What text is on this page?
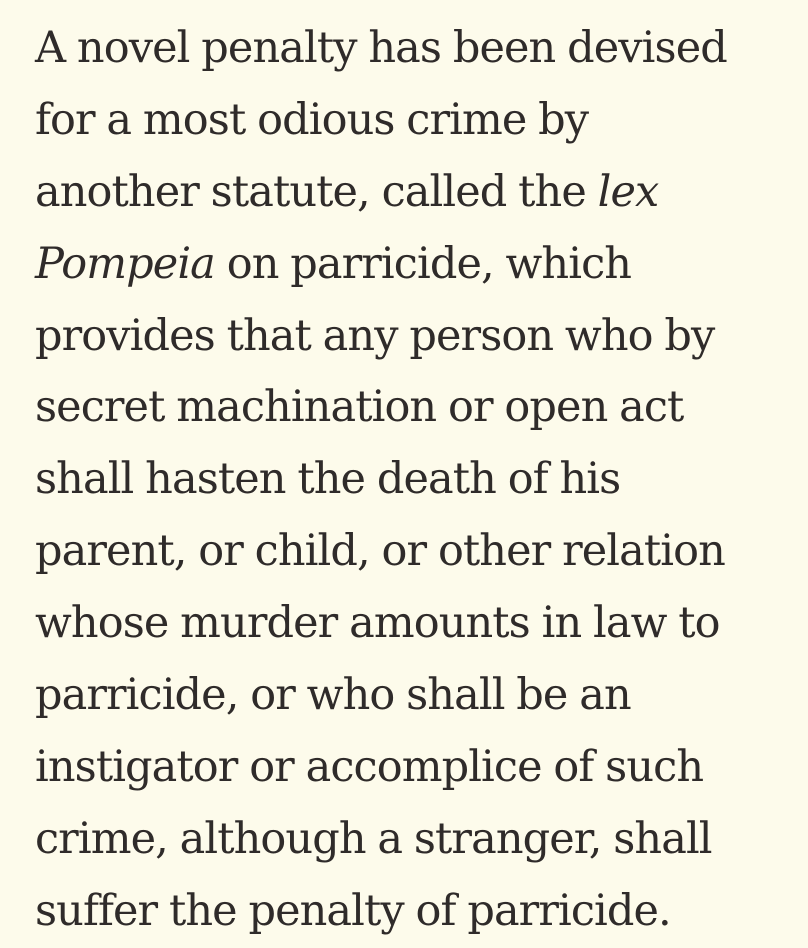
A novel penalty has been devised
for a most odious crime by
another statute, called the lex
Pompeia on parricide, which
provides that any person who by
secret machination or open act
shall hasten the death of his
parent, or child, or other relation
whose murder amounts in law to
parricide, or who shall be an
instigator or accomplice of such
crime, although a stranger, shall
suffer the penalty of parricide.
